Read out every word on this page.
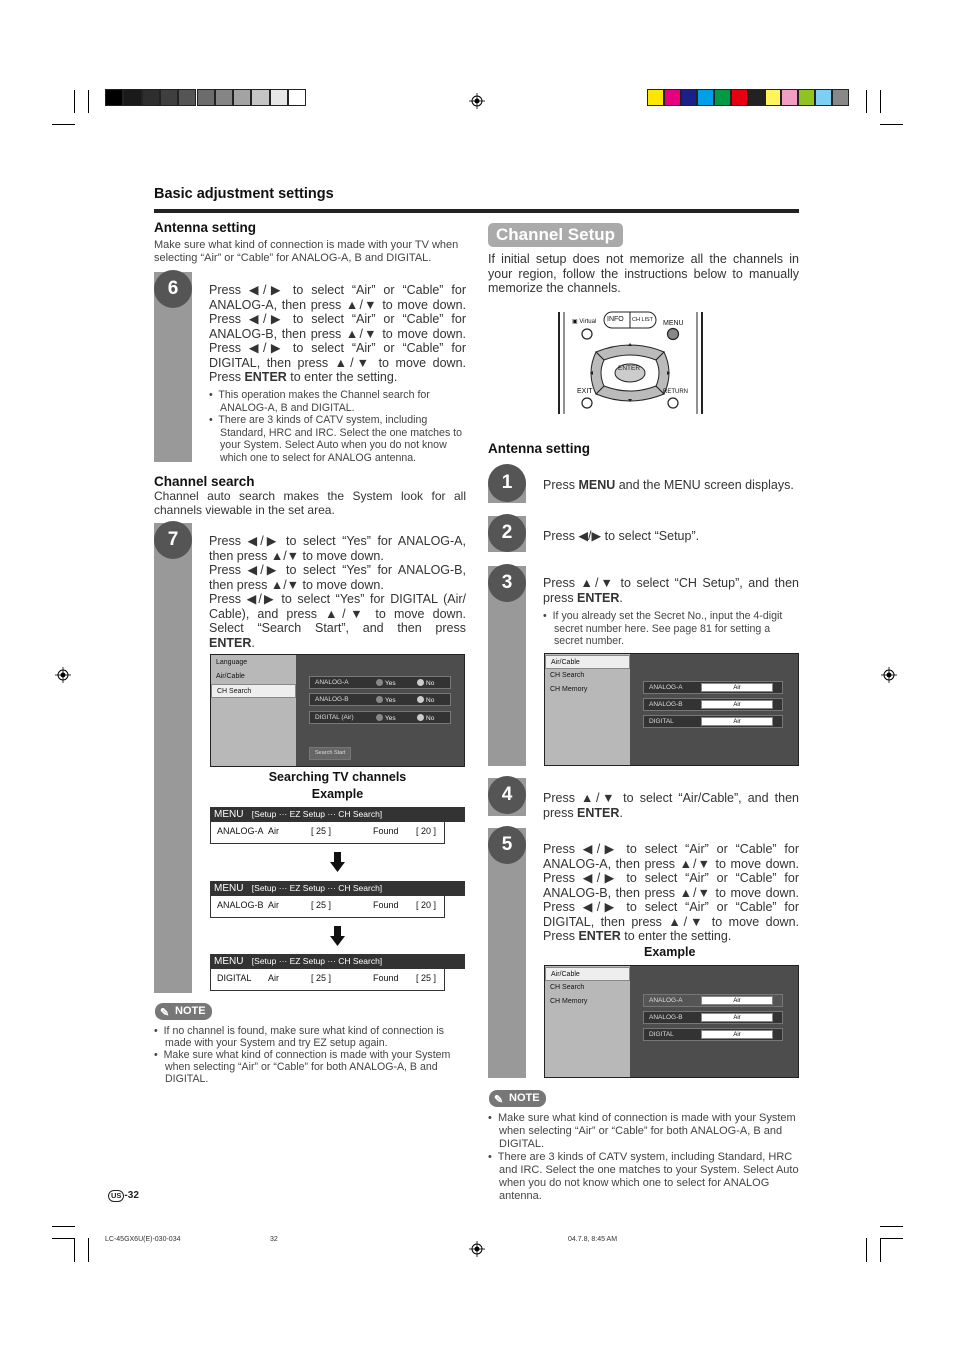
Basic adjustment settings
Antenna setting
Make sure what kind of connection is made with your TV when
selecting “Air” or “Cable” for ANALOG-A, B and DIGITAL.
6	Press ◀/▶ to select “Air” or “Cable” for
ANALOG-A, then press ▲/▼ to move down.
Press ◀/▶ to select “Air” or “Cable” for
ANALOG-B, then press ▲/▼ to move down.
Press ◀/▶ to select “Air” or “Cable” for
DIGITAL, then press ▲/▼ to move down.
Press ENTER to enter the setting.
•  This operation makes the Channel search for ANALOG-A, B and DIGITAL.
•  There are 3 kinds of CATV system, including Standard, HRC and IRC. Select the one matches to your System. Select Auto when you do not know which one to select for ANALOG antenna.
Channel search
Channel auto search makes the System look for all
channels viewable in the set area.
7	Press ◀/▶ to select “Yes” for ANALOG-A,
then press ▲/▼ to move down.
Press ◀/▶ to select “Yes” for ANALOG-B,
then press ▲/▼ to move down.
Press ◀/▶ to select “Yes” for DIGITAL (Air/
Cable), and press ▲/▼ to move down.
Select “Search Start”, and then press
ENTER.
Language
Air/Cable
CH Search
ANALOG-A	Yes	No
ANALOG-B	Yes	No
DIGITAL (Air)	Yes	No
Search Start
Searching TV channels
Example
MENU [Setup ··· EZ Setup ··· CH Search]
ANALOG-A Air	[ 25 ]	Found [ 20 ]
MENU [Setup ··· EZ Setup ··· CH Search]
ANALOG-B Air	[ 25 ]	Found [ 20 ]
MENU [Setup ··· EZ Setup ··· CH Search]
DIGITAL Air	[ 25 ]	Found [ 25 ]
✎ NOTE
•  If no channel is found, make sure what kind of connection is made with your System and try EZ setup again.
•  Make sure what kind of connection is made with your System when selecting “Air” or “Cable” for both ANALOG-A, B and DIGITAL.
US -32
Channel Setup
If initial setup does not memorize all the channels in
your region, follow the instructions below to manually
memorize the channels.
▣ Virtual INFO CH LIST MENU
ENTER
EXIT	RETURN
Antenna setting
1	Press MENU and the MENU screen displays.
2	Press ◀/▶ to select “Setup”.
3	Press ▲/▼ to select “CH Setup”, and then
press ENTER.
•  If you already set the Secret No., input the 4-digit secret number here. See page 81 for setting a secret number.
Air/Cable
CH Search
CH Memory	ANALOG-A	Air
ANALOG-B	Air
DIGITAL	Air
4	Press ▲/▼ to select “Air/Cable”, and then
press ENTER.
5	Press ◀/▶ to select “Air” or “Cable” for
ANALOG-A, then press ▲/▼ to move down.
Press ◀/▶ to select “Air” or “Cable” for
ANALOG-B, then press ▲/▼ to move down.
Press ◀/▶ to select “Air” or “Cable” for
DIGITAL, then press ▲/▼ to move down.
Press ENTER to enter the setting.
Example
Air/Cable
CH Search
CH Memory	ANALOG-A	Air
ANALOG-B	Air
DIGITAL	Air
✎ NOTE
•  Make sure what kind of connection is made with your System when selecting “Air” or “Cable” for both ANALOG-A, B and DIGITAL.
•  There are 3 kinds of CATV system, including Standard, HRC and IRC. Select the one matches to your System. Select Auto when you do not know which one to select for ANALOG antenna.
LC-45GX6U(E)-030-034	32	04.7.8, 8:45 AM
